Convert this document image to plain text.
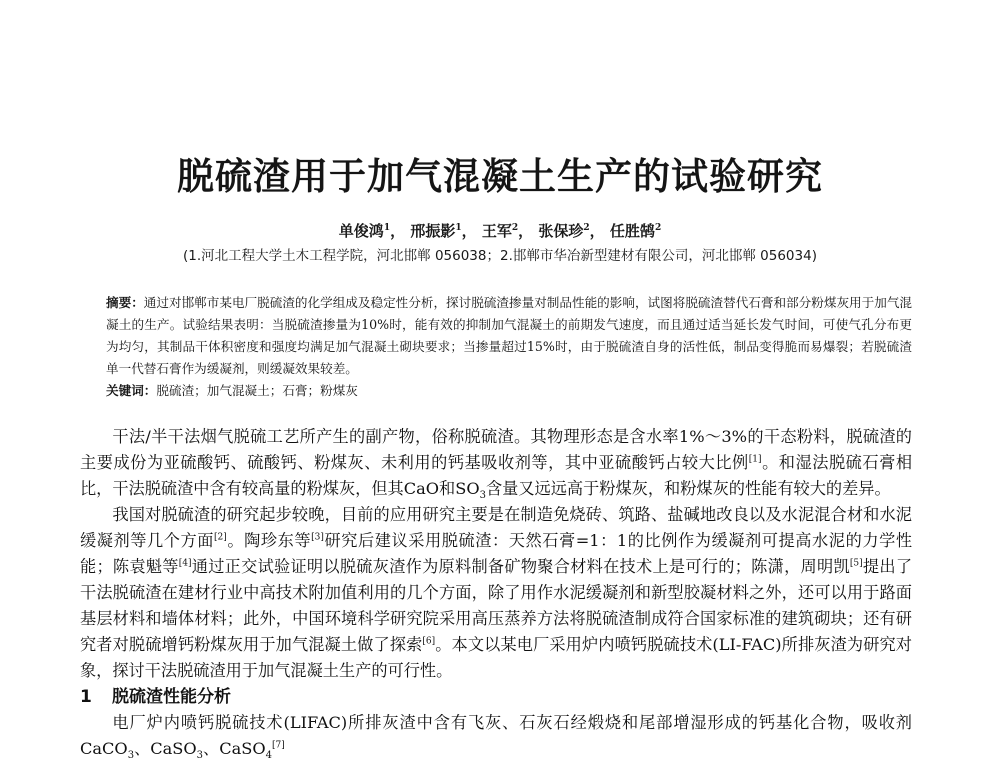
脱硫渣用于加气混凝土生产的试验研究
单俊鸿$^1$， 邢振影$^1$， 王军$^2$， 张保珍$^2$， 任胜鹄$^2$
(1.河北工程大学土木工程学院，河北邯郸 056038；2.邯郸市华冶新型建材有限公司，河北邯郸 056034)
摘要：通过对邯郸市某电厂脱硫渣的化学组成及稳定性分析，探讨脱硫渣掺量对制品性能的影响，试图将脱硫渣替代石膏和部分粉煤灰用于加气混凝土的生产。试验结果表明：当脱硫渣掺量为10%时，能有效的抑制加气混凝土的前期发气速度，而且通过适当延长发气时间，可使气孔分布更为均匀，其制品干体积密度和强度均满足加气混凝土砌块要求；当掺量超过15%时，由于脱硫渣自身的活性低，制品变得脆而易爆裂；若脱硫渣单一代替石膏作为缓凝剂，则缓凝效果较差。
关键词：脱硫渣；加气混凝土；石膏；粉煤灰

干法/半干法烟气脱硫工艺所产生的副产物，俗称脱硫渣。其物理形态是含水率1%～3%的干态粉料，脱硫渣的主要成份为亚硫酸钙、硫酸钙、粉煤灰、未利用的钙基吸收剂等，其中亚硫酸钙占较大比例[1]。和湿法脱硫石膏相比，干法脱硫渣中含有较高量的粉煤灰，但其CaO和$SO_3$含量又远远高于粉煤灰，和粉煤灰的性能有较大的差异。

我国对脱硫渣的研究起步较晚，目前的应用研究主要是在制造免烧砖、筑路、盐碱地改良以及水泥混合材和水泥缓凝剂等几个方面[2]。陶珍东等[3]研究后建议采用脱硫渣：天然石膏=1：1的比例作为缓凝剂可提高水泥的力学性能；陈袁魁等[4]通过正交试验证明以脱硫灰渣作为原料制备矿物聚合材料在技术上是可行的；陈潇，周明凯[5]提出了干法脱硫渣在建材行业中高技术附加值利用的几个方面，除了用作水泥缓凝剂和新型胶凝材料之外，还可以用于路面基层材料和墙体材料；此外，中国环境科学研究院采用高压蒸养方法将脱硫渣制成符合国家标准的建筑砌块；还有研究者对脱硫增钙粉煤灰用于加气混凝土做了探索[6]。本文以某电厂采用炉内喷钙脱硫技术(LI-FAC)所排灰渣为研究对象，探讨干法脱硫渣用于加气混凝土生产的可行性。

1 脱硫渣性能分析

电厂炉内喷钙脱硫技术(LIFAC)所排灰渣中含有飞灰、石灰石经煅烧和尾部增湿形成的钙基化合物，吸收剂CaCO$_3$、CaSO$_3$、CaSO$_4$[7]
